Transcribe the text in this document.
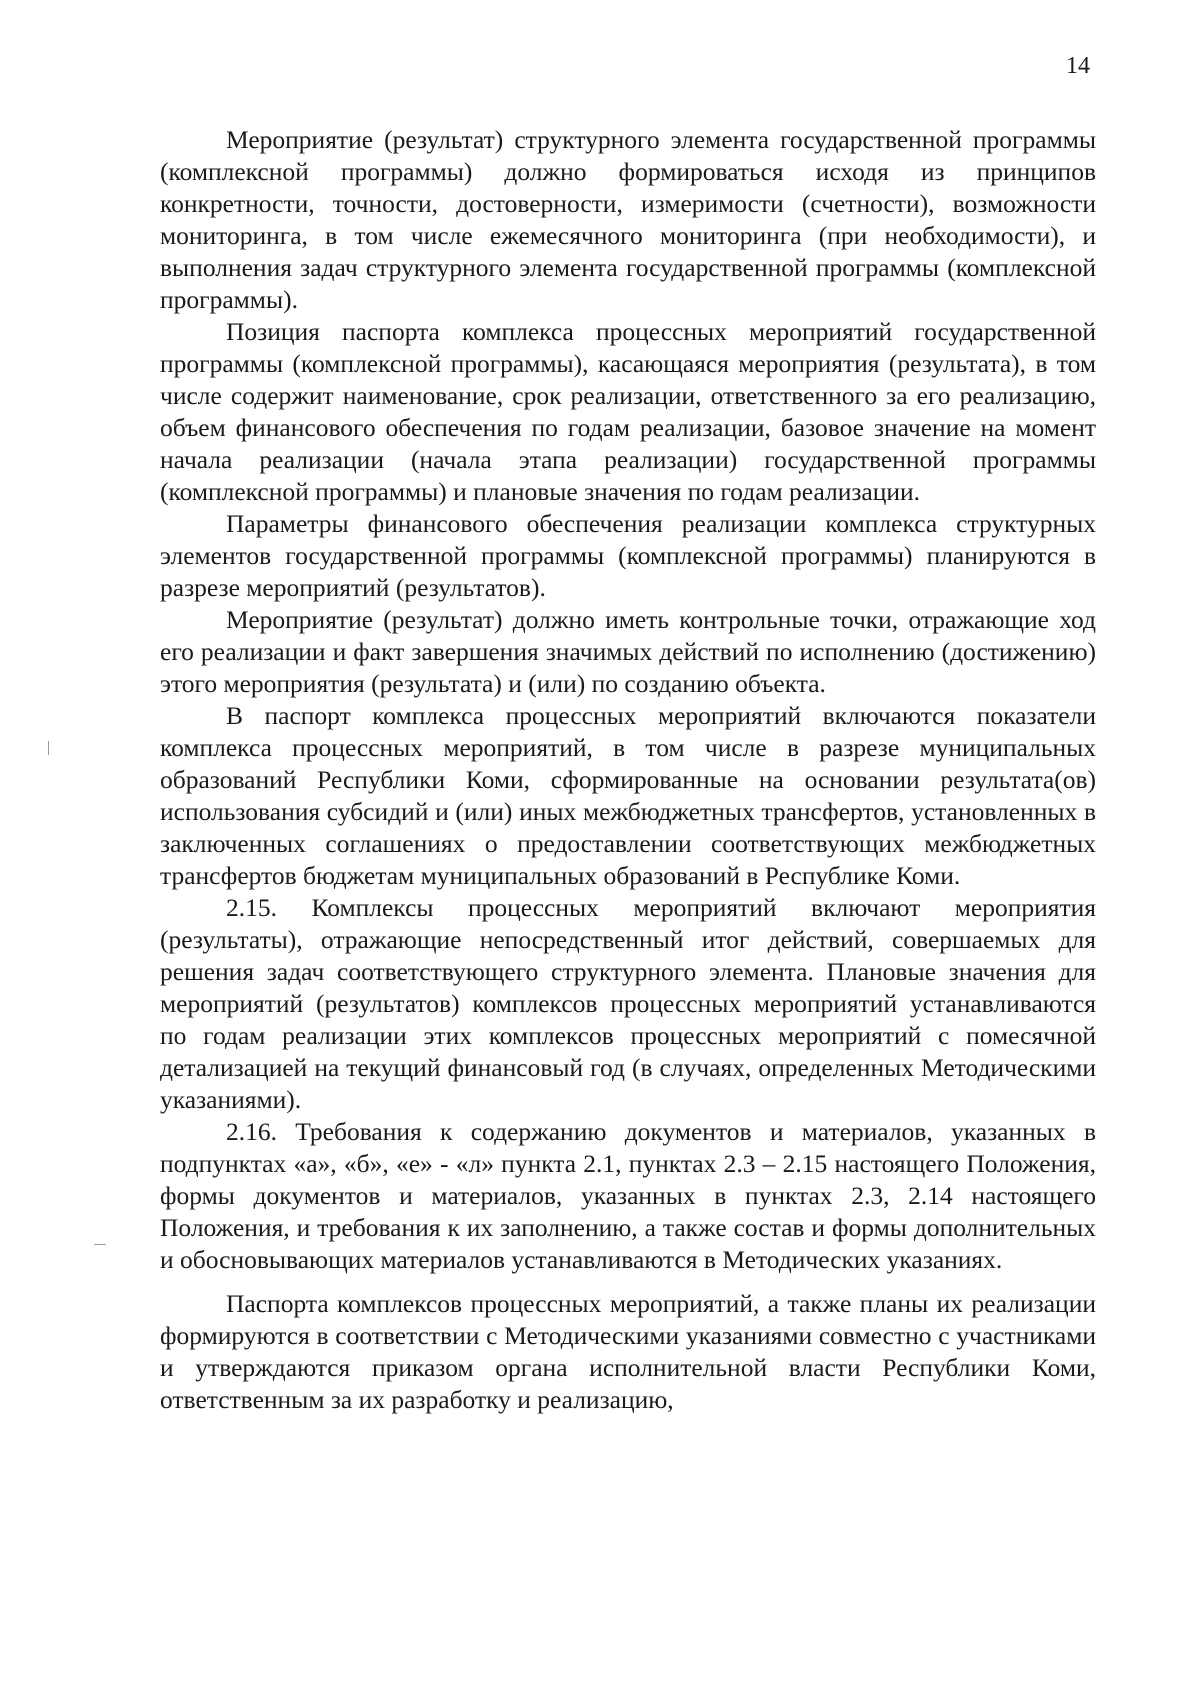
14

Мероприятие (результат) структурного элемента государственной программы (комплексной программы) должно формироваться исходя из принципов конкретности, точности, достоверности, измеримости (счетности), возможности мониторинга, в том числе ежемесячного мониторинга (при необходимости), и выполнения задач структурного элемента государственной программы (комплексной программы).

Позиция паспорта комплекса процессных мероприятий государственной программы (комплексной программы), касающаяся мероприятия (результата), в том числе содержит наименование, срок реализации, ответственного за его реализацию, объем финансового обеспечения по годам реализации, базовое значение на момент начала реализации (начала этапа реализации) государственной программы (комплексной программы) и плановые значения по годам реализации.

Параметры финансового обеспечения реализации комплекса структурных элементов государственной программы (комплексной программы) планируются в разрезе мероприятий (результатов).

Мероприятие (результат) должно иметь контрольные точки, отражающие ход его реализации и факт завершения значимых действий по исполнению (достижению) этого мероприятия (результата) и (или) по созданию объекта.

В паспорт комплекса процессных мероприятий включаются показатели комплекса процессных мероприятий, в том числе в разрезе муниципальных образований Республики Коми, сформированные на основании результата(ов) использования субсидий и (или) иных межбюджетных трансфертов, установленных в заключенных соглашениях о предоставлении соответствующих межбюджетных трансфертов бюджетам муниципальных образований в Республике Коми.

2.15. Комплексы процессных мероприятий включают мероприятия (результаты), отражающие непосредственный итог действий, совершаемых для решения задач соответствующего структурного элемента. Плановые значения для мероприятий (результатов) комплексов процессных мероприятий устанавливаются по годам реализации этих комплексов процессных мероприятий с помесячной детализацией на текущий финансовый год (в случаях, определенных Методическими указаниями).

2.16. Требования к содержанию документов и материалов, указанных в подпунктах «а», «б», «е» - «л» пункта 2.1, пунктах 2.3 – 2.15 настоящего Положения, формы документов и материалов, указанных в пунктах 2.3, 2.14 настоящего Положения, и требования к их заполнению, а также состав и формы дополнительных и обосновывающих материалов устанавливаются в Методических указаниях.

Паспорта комплексов процессных мероприятий, а также планы их реализации формируются в соответствии с Методическими указаниями совместно с участниками и утверждаются приказом органа исполнительной власти Республики Коми, ответственным за их разработку и реализацию,
